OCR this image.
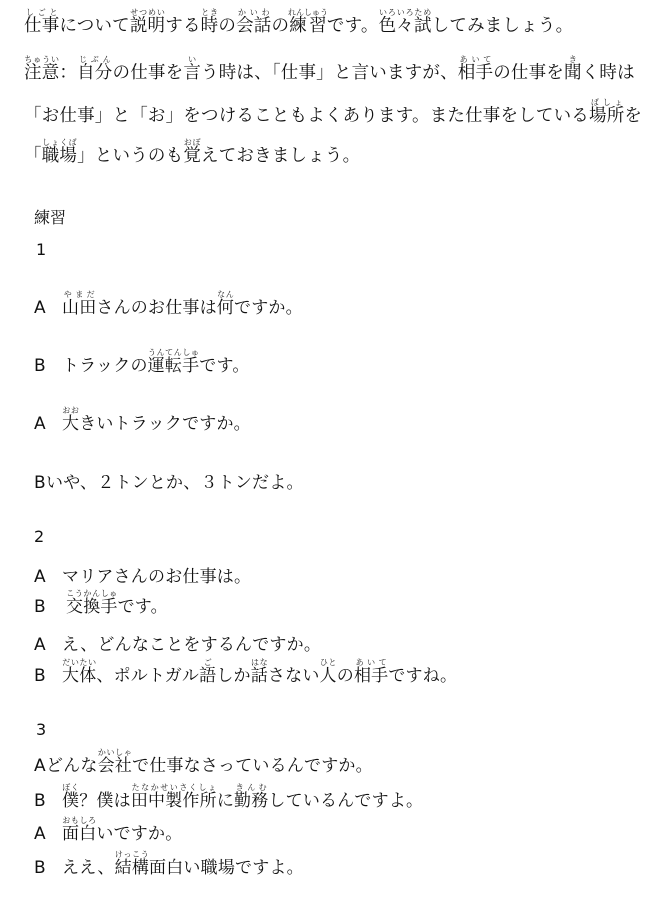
仕事しごとについて説明せつめいする時ときの会話かいわの練習れんしゅうです。色々いろいろ試ためしてみましょう。
注意ちゅうい：自分じぶんの仕事を言いう時は、「仕事」と言いますが、相手あいての仕事を聞きく時は
「お仕事」と「お」をつけることもよくあります。また仕事をしている場所ばしょを
「職場しょくば」というのも覚おぼえておきましょう。
練習
1
A 山田やまださんのお仕事は何なんですか。
B トラックの運転手うんてんしゅです。
A 大おおきいトラックですか。
Bいや、２トンとか、３トンだよ。
2
A マリアさんのお仕事は。
B 交換手こうかんしゅです。
A え、どんなことをするんですか。
B 大体だいたい、ポルトガル語ごしか話はなさない人ひとの相手あいてですね。
3
Aどんな会社かいしゃで仕事なさっているんですか。
B 僕ぼく？僕は田中製作所たなかせいさくしょに勤務きんむしているんですよ。
A 面白おもしろいですか。
B ええ、結構けっこう面白い職場ですよ。
